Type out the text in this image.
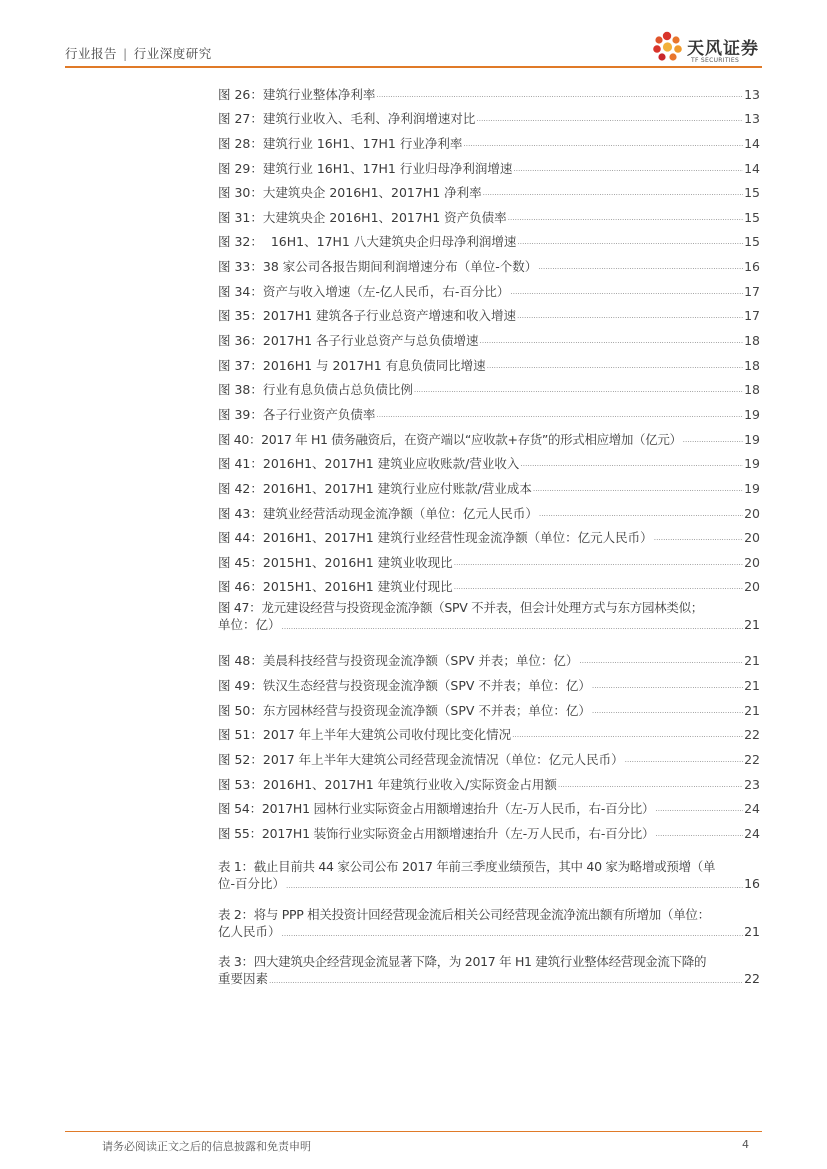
行业报告 | 行业深度研究	天风证券
TF SECURITIES
图 26：建筑行业整体净利率 ……………………………………………………………………………………………………………………………………………………………………………………	13
图 27：建筑行业收入、毛利、净利润增速对比 ……………………………………………………………………………………………………………………………………………………………………………………	13
图 28：建筑行业 16H1、17H1 行业净利率 ……………………………………………………………………………………………………………………………………………………………………………………	14
图 29：建筑行业 16H1、17H1 行业归母净利润增速 ……………………………………………………………………………………………………………………………………………………………………………………	14
图 30：大建筑央企 2016H1、2017H1 净利率 ……………………………………………………………………………………………………………………………………………………………………………………	15
图 31：大建筑央企 2016H1、2017H1 资产负债率 ……………………………………………………………………………………………………………………………………………………………………………………	15
图 32：  16H1、17H1 八大建筑央企归母净利润增速 ……………………………………………………………………………………………………………………………………………………………………………………	15
图 33：38 家公司各报告期间利润增速分布（单位-个数） ……………………………………………………………………………………………………………………………………………………………………………………	16
图 34：资产与收入增速（左-亿人民币，右-百分比） ……………………………………………………………………………………………………………………………………………………………………………………	17
图 35：2017H1 建筑各子行业总资产增速和收入增速 ……………………………………………………………………………………………………………………………………………………………………………………	17
图 36：2017H1 各子行业总资产与总负债增速 ……………………………………………………………………………………………………………………………………………………………………………………	18
图 37：2016H1 与 2017H1 有息负债同比增速 ……………………………………………………………………………………………………………………………………………………………………………………	18
图 38：行业有息负债占总负债比例 ……………………………………………………………………………………………………………………………………………………………………………………	18
图 39：各子行业资产负债率 ……………………………………………………………………………………………………………………………………………………………………………………	19
图 40：2017 年 H1 债务融资后，在资产端以“应收款+存货”的形式相应增加（亿元） ……………………………………………………………………………………………………………………………………………………………………………………	19
图 41：2016H1、2017H1 建筑业应收账款/营业收入 ……………………………………………………………………………………………………………………………………………………………………………………	19
图 42：2016H1、2017H1 建筑行业应付账款/营业成本 ……………………………………………………………………………………………………………………………………………………………………………………	19
图 43：建筑业经营活动现金流净额（单位：亿元人民币） ……………………………………………………………………………………………………………………………………………………………………………………	20
图 44：2016H1、2017H1 建筑行业经营性现金流净额（单位：亿元人民币） ……………………………………………………………………………………………………………………………………………………………………………………	20
图 45：2015H1、2016H1 建筑业收现比 ……………………………………………………………………………………………………………………………………………………………………………………	20
图 46：2015H1、2016H1 建筑业付现比 ……………………………………………………………………………………………………………………………………………………………………………………	20
图 47：龙元建设经营与投资现金流净额（SPV 不并表，但会计处理方式与东方园林类似；
单位：亿） ……………………………………………………………………………………………………………………………………………………………………………………	21
图 48：美晨科技经营与投资现金流净额（SPV 并表；单位：亿） ……………………………………………………………………………………………………………………………………………………………………………………	21
图 49：铁汉生态经营与投资现金流净额（SPV 不并表；单位：亿） ……………………………………………………………………………………………………………………………………………………………………………………	21
图 50：东方园林经营与投资现金流净额（SPV 不并表；单位：亿） ……………………………………………………………………………………………………………………………………………………………………………………	21
图 51：2017 年上半年大建筑公司收付现比变化情况 ……………………………………………………………………………………………………………………………………………………………………………………	22
图 52：2017 年上半年大建筑公司经营现金流情况（单位：亿元人民币） ……………………………………………………………………………………………………………………………………………………………………………………	22
图 53：2016H1、2017H1 年建筑行业收入/实际资金占用额 ……………………………………………………………………………………………………………………………………………………………………………………	23
图 54：2017H1 园林行业实际资金占用额增速抬升（左-万人民币，右-百分比） ……………………………………………………………………………………………………………………………………………………………………………………	24
图 55：2017H1 装饰行业实际资金占用额增速抬升（左-万人民币，右-百分比） ……………………………………………………………………………………………………………………………………………………………………………………	24
表 1：截止目前共 44 家公司公布 2017 年前三季度业绩预告，其中 40 家为略增或预增（单
位-百分比） ……………………………………………………………………………………………………………………………………………………………………………………	16
表 2：将与 PPP 相关投资计回经营现金流后相关公司经营现金流净流出额有所增加（单位：
亿人民币） ……………………………………………………………………………………………………………………………………………………………………………………	21
表 3：四大建筑央企经营现金流显著下降，为 2017 年 H1 建筑行业整体经营现金流下降的
重要因素 ……………………………………………………………………………………………………………………………………………………………………………………	22
请务必阅读正文之后的信息披露和免责申明	4
